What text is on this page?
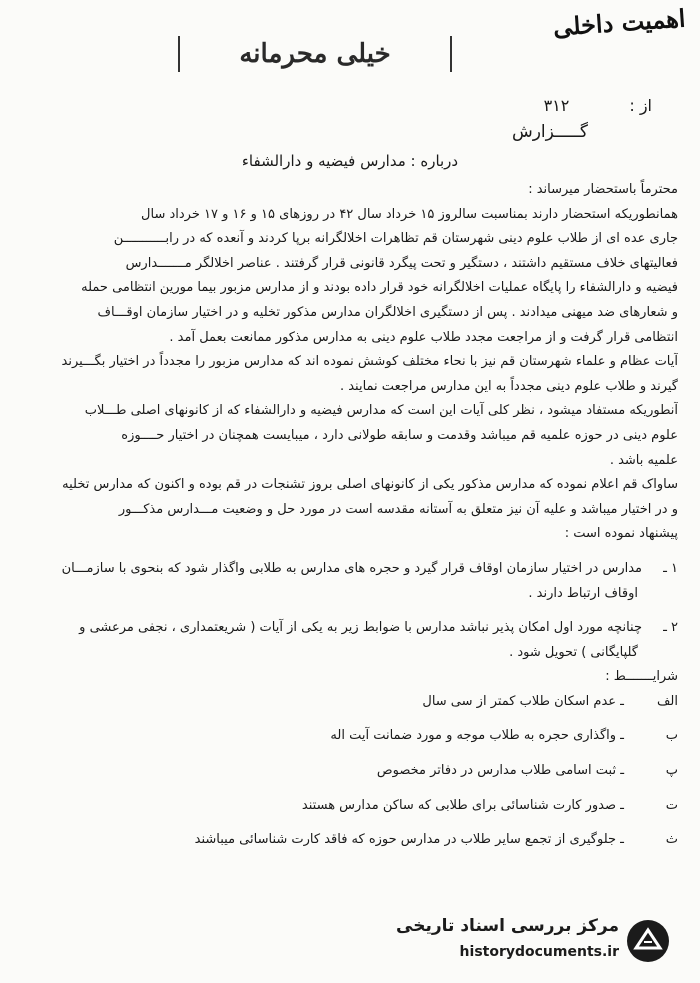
اهمیت داخلی
خیلی محرمانه
از :
۳۱۲
گـــــزارش
درباره : مدارس فیضیه و دارالشفاء
محترماً باستحضار میرساند :
همانطوریکه استحضار دارند بمناسبت سالروز ۱۵ خرداد سال ۴۲ در روزهای ۱۵ و ۱۶ و ۱۷ خرداد سال
جاری عده ای از طلاب علوم دینی شهرستان قم تظاهرات اخلالگرانه برپا کردند و آنعده که در رابـــــــــــن
فعالیتهای خلاف مستقیم داشتند ، دستگیر و تحت پیگرد قانونی قرار گرفتند . عناصر اخلالگر مـــــــدارس
فیضیه و دارالشفاء را پایگاه عملیات اخلالگرانه خود قرار داده بودند و از مدارس مزبور بیما مورین انتظامی حمله
و شعارهای ضد میهنی میدادند . پس از دستگیری اخلالگران مدارس مذکور تخلیه و در اختیار سازمان اوقـــاف
انتظامی قرار گرفت و از مراجعت مجدد طلاب علوم دینی به مدارس مذکور ممانعت بعمل آمد .
آیات عظام و علماء شهرستان قم نیز با نحاء مختلف کوشش نموده اند که مدارس مزبور را مجدداً در اختیار بگـــیرند
گیرند و طلاب علوم دینی مجدداً به این مدارس مراجعت نمایند .
آنطوریکه مستفاد میشود ، نظر کلی آیات این است که مدارس فیضیه و دارالشفاء که از کانونهای اصلی طـــلاب
علوم دینی در حوزه علمیه قم میباشد وقدمت و سابقه طولانی دارد ، میبایست همچنان در اختیار حــــوزه
علمیه باشد .
ساواک قم اعلام نموده که مدارس مذکور یکی از کانونهای اصلی بروز تشنجات در قم بوده و اکنون که مدارس تخلیه
و در اختیار میباشد و علیه آن نیز متعلق به آستانه مقدسه است در مورد حل و وضعیت مـــدارس مذکـــور
پیشنهاد نموده است :
۱ ـ
مدارس در اختیار سازمان اوقاف قرار گیرد و حجره های مدارس به طلابی واگذار شود که بنحوی با سازمـــان
اوقاف ارتباط دارند .
۲ ـ
چنانچه مورد اول امکان پذیر نباشد مدارس با ضوابط زیر به یکی از آیات ( شریعتمداری ، نجفی مرعشی و
گلپایگانی ) تحویل شود .
شرایـــــــط :
الف
ـ عدم اسکان طلاب کمتر از سی سال
ب
ـ واگذاری حجره به طلاب موجه و مورد ضمانت آیت اله
پ
ـ ثبت اسامی طلاب مدارس در دفاتر مخصوص
ت
ـ صدور کارت شناسائی برای طلابی که ساکن مدارس هستند
ث
ـ جلوگیری از تجمع سایر طلاب در مدارس حوزه که فاقد کارت شناسائی میباشند
مرکز بررسی اسناد تاریخی
historydocuments.ir
